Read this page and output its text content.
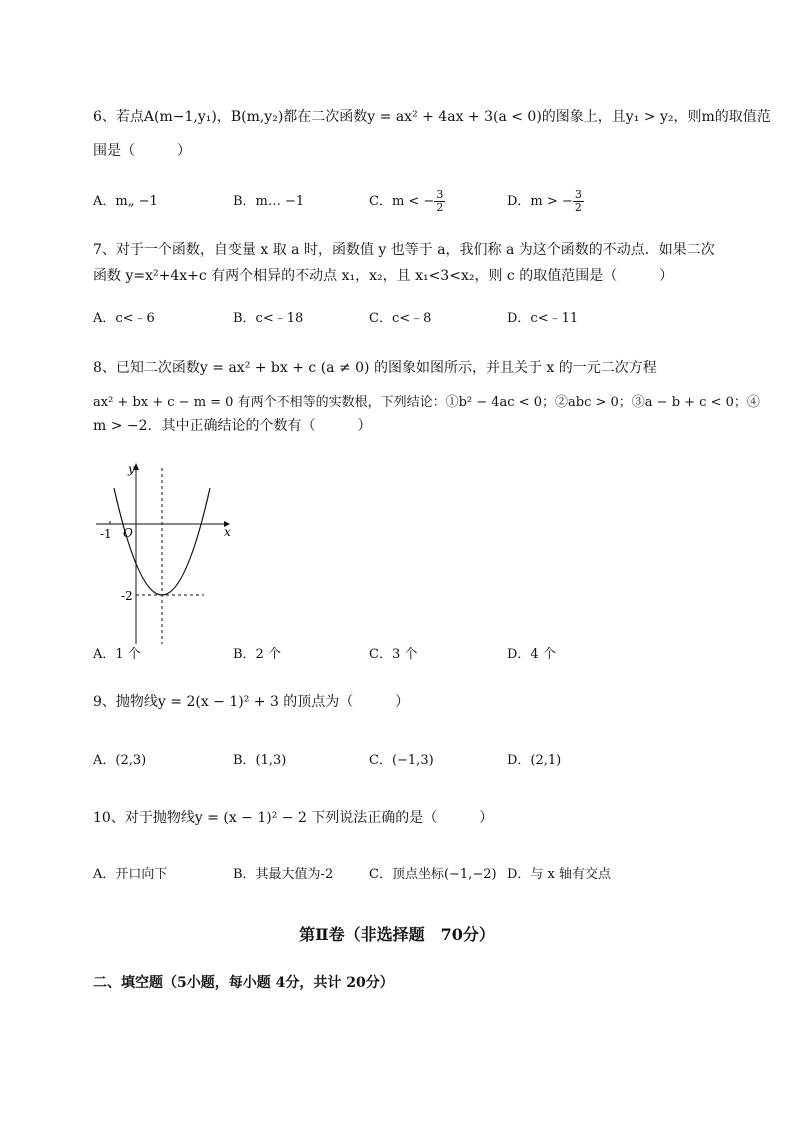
6、若点A(m−1,y₁)，B(m,y₂)都在二次函数y = ax² + 4ax + 3(a < 0)的图象上，且y₁ > y₂，则m的取值范
围是（　　　）
A．m„ −1	B．m… −1	C．m < − $\frac{3}{2}$	D．m > − $\frac{3}{2}$
7、对于一个函数，自变量 x 取 a 时，函数值 y 也等于 a，我们称 a 为这个函数的不动点．如果二次
函数 y=x²+4x+c 有两个相异的不动点 x₁，x₂，且 x₁<3<x₂，则 c 的取值范围是（　　　）
A．c<﹣6	B．c<﹣18	C．c<﹣8	D．c<﹣11
8、已知二次函数y = ax² + bx + c (a ≠ 0) 的图象如图所示，并且关于 x 的一元二次方程
ax² + bx + c − m = 0 有两个不相等的实数根，下列结论：①b² − 4ac < 0；②abc > 0；③a − b + c < 0；④
m > −2．其中正确结论的个数有（　　　）
y
x
O
-1
-2
A．1 个	B．2 个	C．3 个	D．4 个
9、抛物线y = 2(x − 1)² + 3 的顶点为（　　　）
A．(2,3)	B．(1,3)	C．(−1,3)	D．(2,1)
10、对于抛物线y = (x − 1)² − 2 下列说法正确的是（　　　）
A．开口向下	B．其最大值为-2	C．顶点坐标(−1,−2) D．与 x 轴有交点
第Ⅱ卷（非选择题　70分）
二、填空题（5小题，每小题 4分，共计 20分）
